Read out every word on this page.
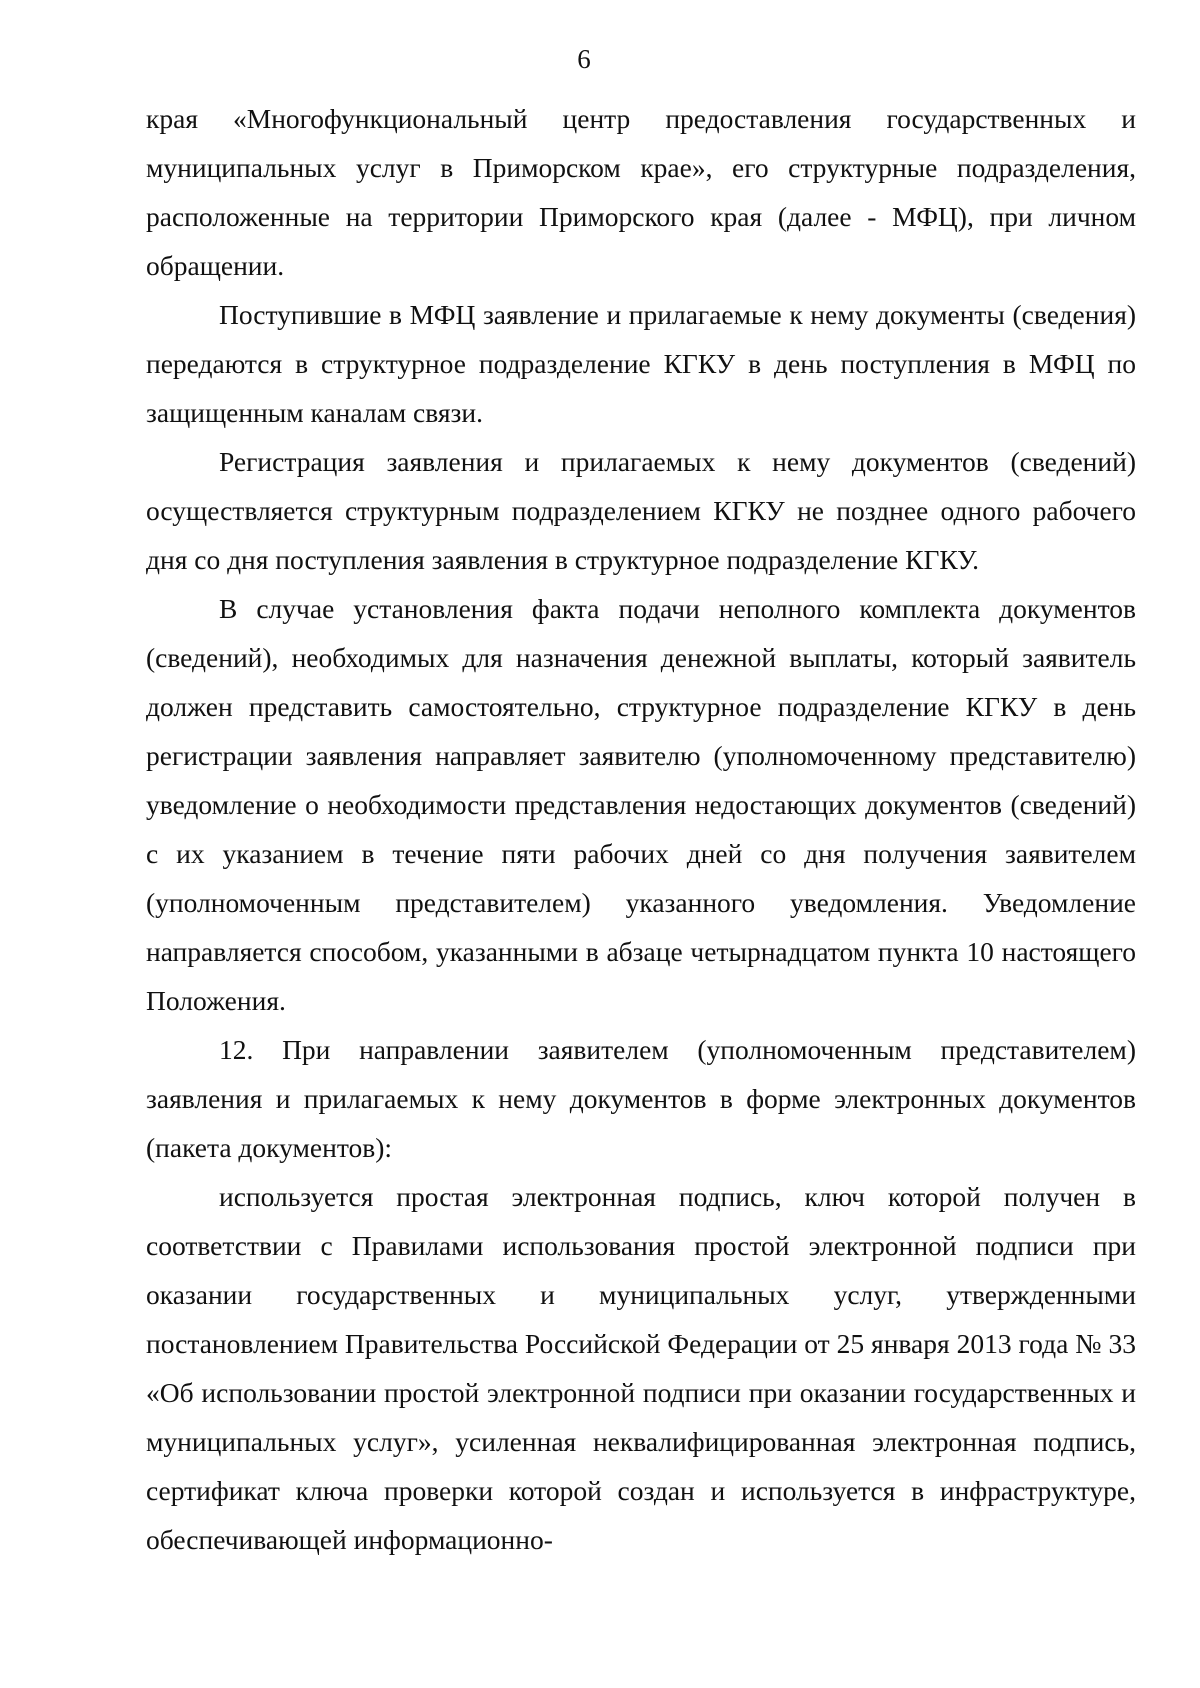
6

края «Многофункциональный центр предоставления государственных и муниципальных услуг в Приморском крае», его структурные подразделения, расположенные на территории Приморского края (далее - МФЦ), при личном обращении.

Поступившие в МФЦ заявление и прилагаемые к нему документы (сведения) передаются в структурное подразделение КГКУ в день поступления в МФЦ по защищенным каналам связи.

Регистрация заявления и прилагаемых к нему документов (сведений) осуществляется структурным подразделением КГКУ не позднее одного рабочего дня со дня поступления заявления в структурное подразделение КГКУ.

В случае установления факта подачи неполного комплекта документов (сведений), необходимых для назначения денежной выплаты, который заявитель должен представить самостоятельно, структурное подразделение КГКУ в день регистрации заявления направляет заявителю (уполномоченному представителю) уведомление о необходимости представления недостающих документов (сведений) с их указанием в течение пяти рабочих дней со дня получения заявителем (уполномоченным представителем) указанного уведомления. Уведомление направляется способом, указанными в абзаце четырнадцатом пункта 10 настоящего Положения.

12. При направлении заявителем (уполномоченным представителем) заявления и прилагаемых к нему документов в форме электронных документов (пакета документов):

используется простая электронная подпись, ключ которой получен в соответствии с Правилами использования простой электронной подписи при оказании государственных и муниципальных услуг, утвержденными постановлением Правительства Российской Федерации от 25 января 2013 года № 33 «Об использовании простой электронной подписи при оказании государственных и муниципальных услуг», усиленная неквалифицированная электронная подпись, сертификат ключа проверки которой создан и используется в инфраструктуре, обеспечивающей информационно-
